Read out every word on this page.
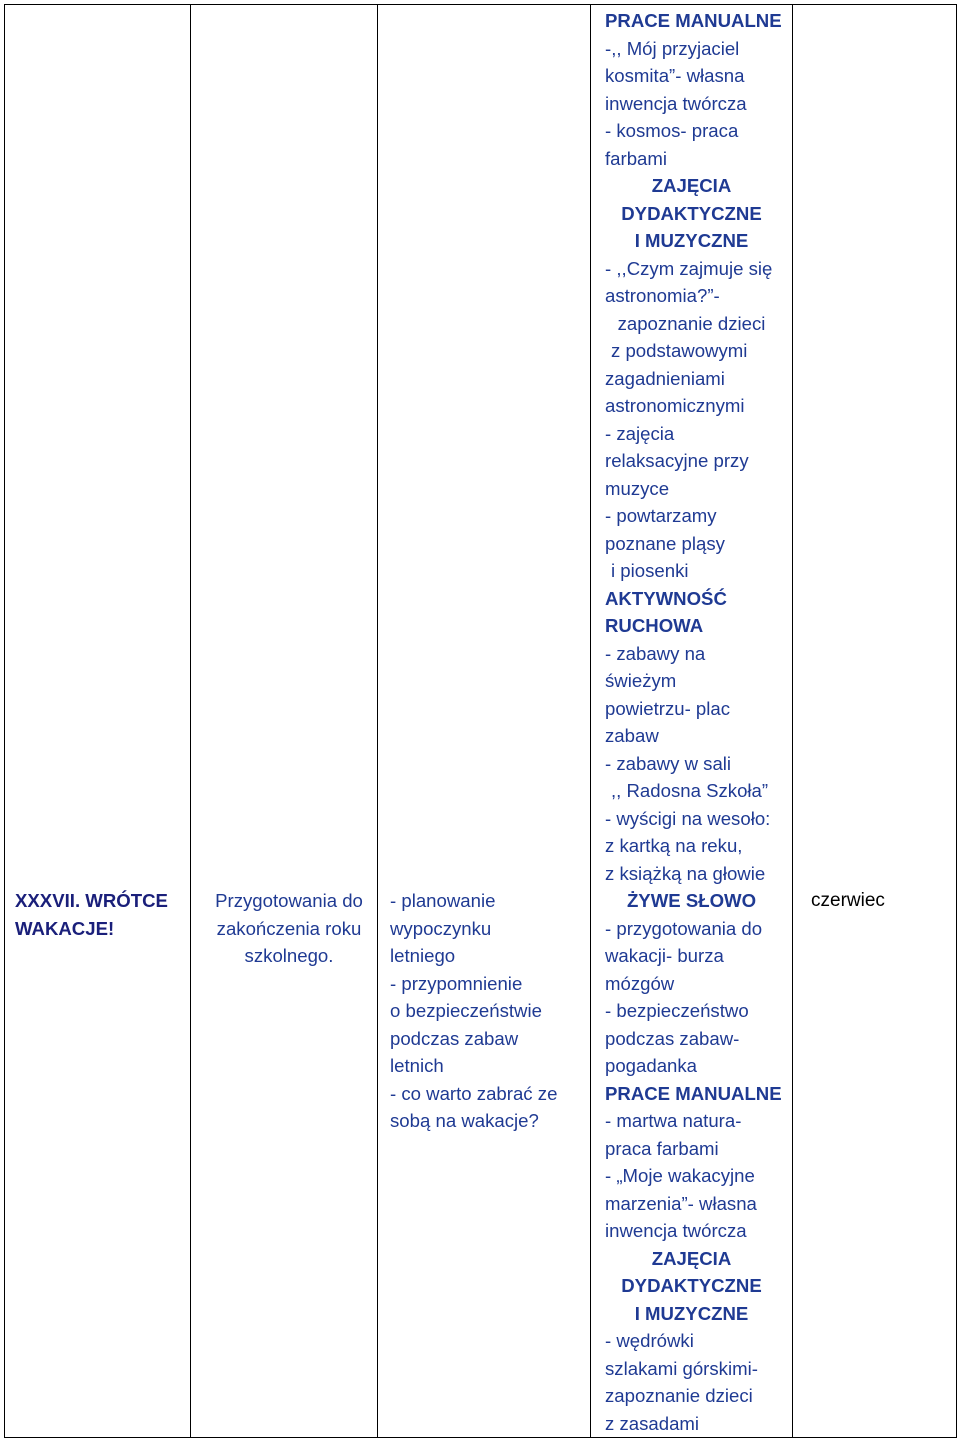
XXXVII. WRÓTCE
WAKACJE!

Przygotowania do
zakończenia roku
szkolnego.

- planowanie
wypoczynku
letniego
- przypomnienie
o bezpieczeństwie
podczas zabaw
letnich
- co warto zabrać ze
sobą na wakacje?

PRACE MANUALNE
-,, Mój przyjaciel
kosmita”- własna
inwencja twórcza
- kosmos- praca
farbami
ZAJĘCIA
DYDAKTYCZNE
I MUZYCZNE
- ,,Czym zajmuje się
astronomia?”-
zapoznanie dzieci
z podstawowymi
zagadnieniami
astronomicznymi
- zajęcia
relaksacyjne przy
muzyce
- powtarzamy
poznane pląsy
i piosenki
AKTYWNOŚĆ
RUCHOWA
- zabawy na
świeżym
powietrzu- plac
zabaw
- zabawy w sali
,, Radosna Szkoła”
- wyścigi na wesoło:
z kartką na reku,
z książką na głowie
ŻYWE SŁOWO
- przygotowania do
wakacji- burza
mózgów
- bezpieczeństwo
podczas zabaw-
pogadanka
PRACE MANUALNE
- martwa natura-
praca farbami
- „Moje wakacyjne
marzenia”- własna
inwencja twórcza
ZAJĘCIA
DYDAKTYCZNE
I MUZYCZNE
- wędrówki
szlakami górskimi-
zapoznanie dzieci
z zasadami

czerwiec
